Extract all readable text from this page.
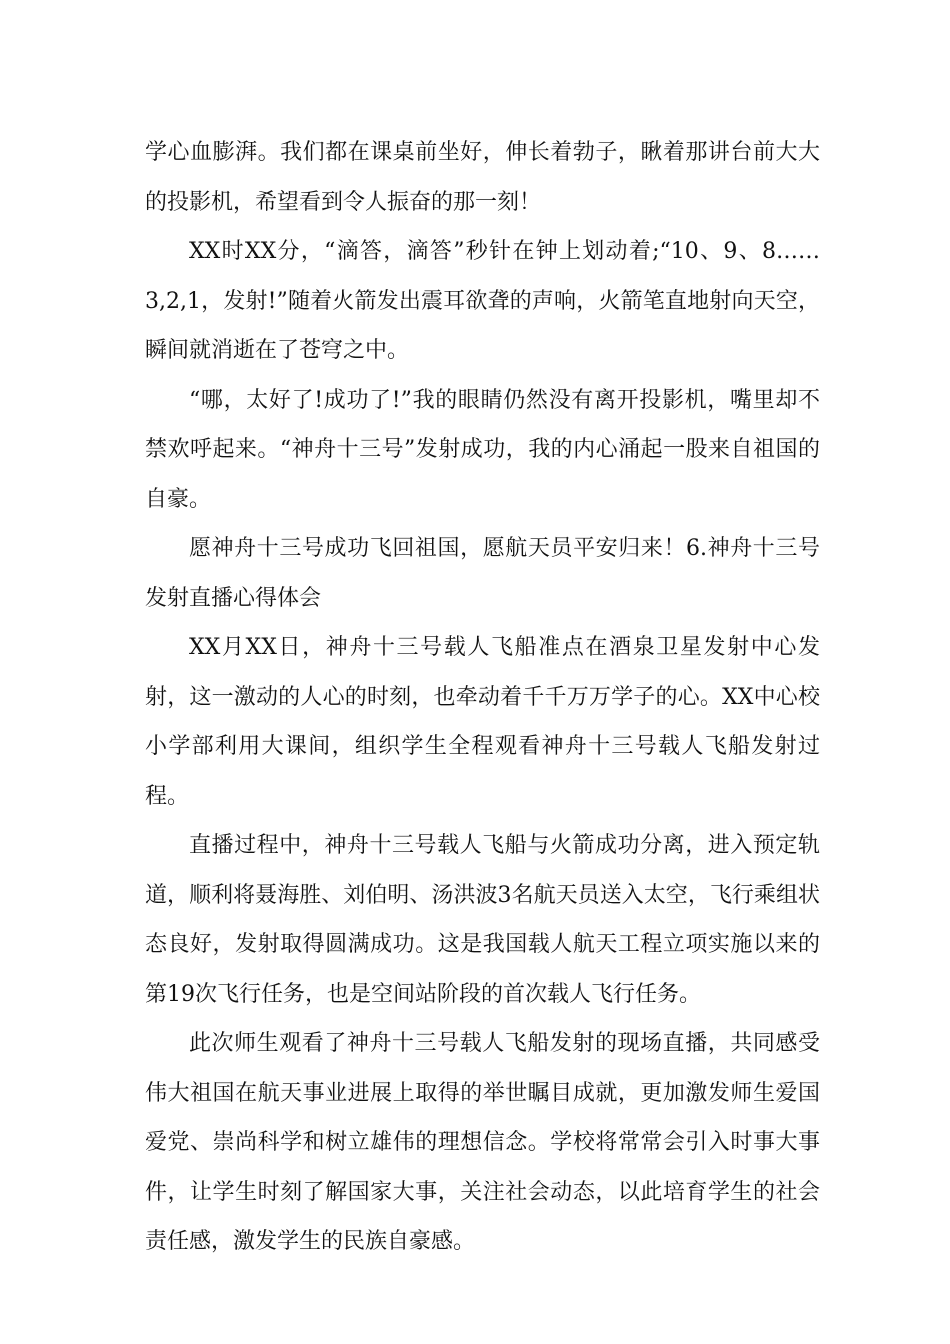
学心血膨湃。我们都在课桌前坐好，伸长着勃子，瞅着那讲台前大大的投影机，希望看到令人振奋的那一刻！

XX时XX分，“滴答，滴答”秒针在钟上划动着;“10、9、8……3,2,1，发射!”随着火箭发出震耳欲聋的声响，火箭笔直地射向天空，瞬间就消逝在了苍穹之中。

“哪，太好了!成功了!”我的眼睛仍然没有离开投影机，嘴里却不禁欢呼起来。“神舟十三号”发射成功，我的内心涌起一股来自祖国的自豪。

愿神舟十三号成功飞回祖国，愿航天员平安归来！6.神舟十三号发射直播心得体会

XX月XX日，神舟十三号载人飞船准点在酒泉卫星发射中心发射，这一激动的人心的时刻，也牵动着千千万万学子的心。XX中心校小学部利用大课间，组织学生全程观看神舟十三号载人飞船发射过程。

直播过程中，神舟十三号载人飞船与火箭成功分离，进入预定轨道，顺利将聂海胜、刘伯明、汤洪波3名航天员送入太空，飞行乘组状态良好，发射取得圆满成功。这是我国载人航天工程立项实施以来的第19次飞行任务，也是空间站阶段的首次载人飞行任务。

此次师生观看了神舟十三号载人飞船发射的现场直播，共同感受伟大祖国在航天事业进展上取得的举世瞩目成就，更加激发师生爱国爱党、崇尚科学和树立雄伟的理想信念。学校将常常会引入时事大事件，让学生时刻了解国家大事，关注社会动态，以此培育学生的社会责任感，激发学生的民族自豪感。
